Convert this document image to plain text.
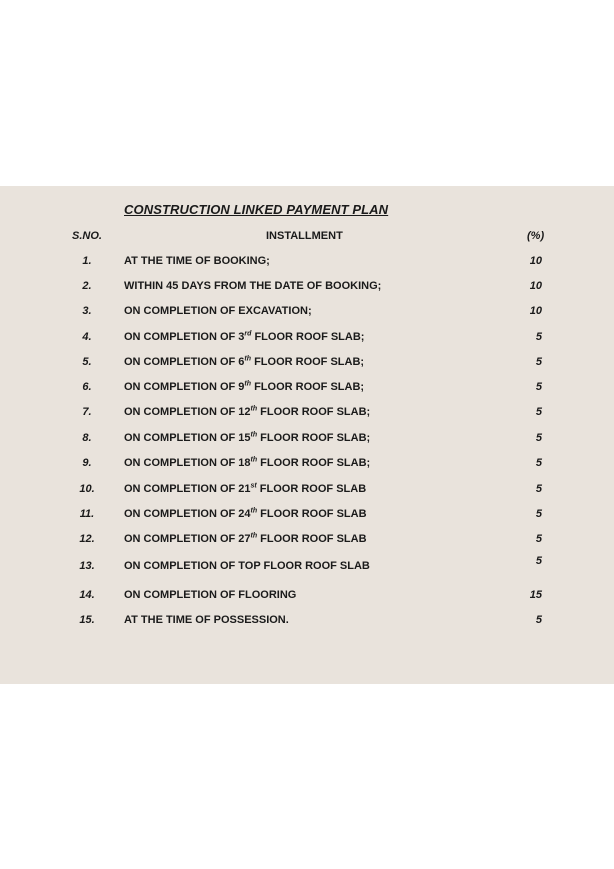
CONSTRUCTION LINKED PAYMENT PLAN
S.NO.	INSTALLMENT	(%)
1.	AT THE TIME OF BOOKING;	10
2.	WITHIN 45 DAYS FROM THE DATE OF BOOKING;	10
3.	ON COMPLETION OF EXCAVATION;	10
4.	ON COMPLETION OF 3rd FLOOR ROOF SLAB;	5
5.	ON COMPLETION OF 6th FLOOR ROOF SLAB;	5
6.	ON COMPLETION OF 9th FLOOR ROOF SLAB;	5
7.	ON COMPLETION OF 12th FLOOR ROOF SLAB;	5
8.	ON COMPLETION OF 15th FLOOR ROOF SLAB;	5
9.	ON COMPLETION OF 18th FLOOR ROOF SLAB;	5
10.	ON COMPLETION OF 21st FLOOR ROOF SLAB	5
11.	ON COMPLETION OF 24th FLOOR ROOF SLAB	5
12.	ON COMPLETION OF 27th FLOOR ROOF SLAB	5
13.	ON COMPLETION OF TOP FLOOR ROOF SLAB	5
14.	ON COMPLETION OF FLOORING	15
15.	AT THE TIME OF POSSESSION.	5
